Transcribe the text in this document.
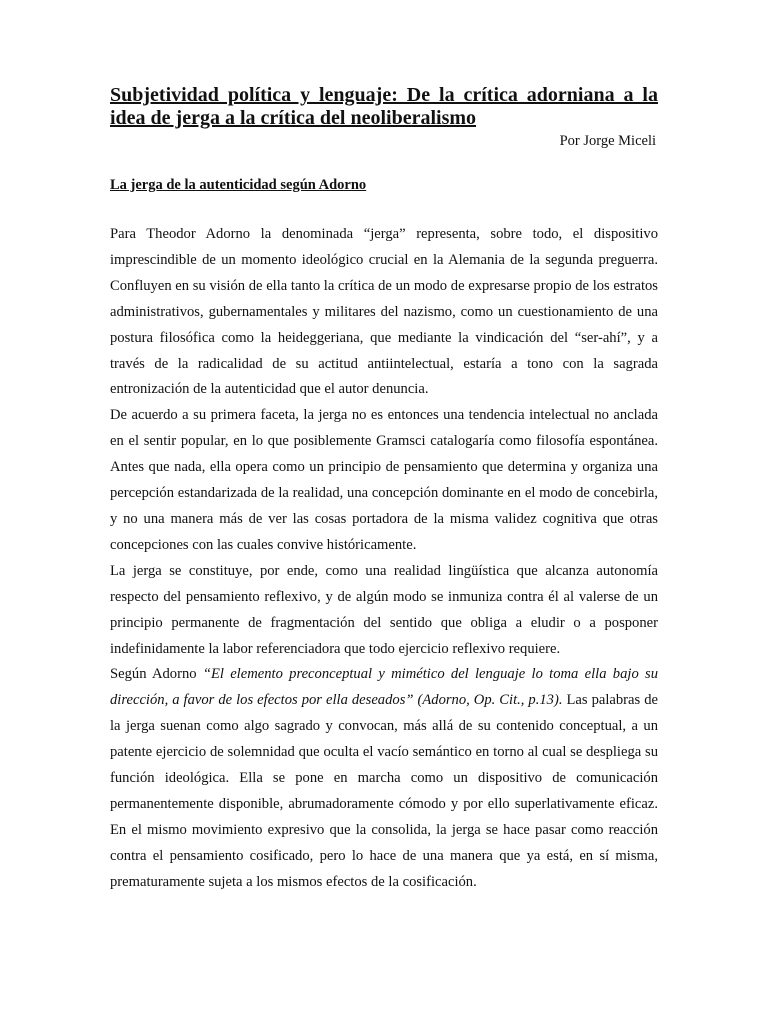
Subjetividad política y lenguaje: De la crítica adorniana a la idea de jerga a la crítica del neoliberalismo

Por Jorge Miceli

La jerga de la autenticidad según Adorno

Para Theodor Adorno la denominada “jerga” representa, sobre todo, el dispositivo imprescindible de un momento ideológico crucial en la Alemania de la segunda preguerra. Confluyen en su visión de ella tanto la crítica de un modo de expresarse propio de los estratos administrativos, gubernamentales y militares del nazismo, como un cuestionamiento de una postura filosófica como la heideggeriana, que mediante la vindicación del “ser-ahí”, y a través de la radicalidad de su actitud antiintelectual, estaría a tono con la sagrada entronización de la autenticidad que el autor denuncia.

De acuerdo a su primera faceta, la jerga no es entonces una tendencia intelectual no anclada en el sentir popular, en lo que posiblemente Gramsci catalogaría como filosofía espontánea. Antes que nada, ella opera como un principio de pensamiento que determina y organiza una percepción estandarizada de la realidad, una concepción dominante en el modo de concebirla, y no una manera más de ver las cosas portadora de la misma validez cognitiva que otras concepciones con las cuales convive históricamente.

La jerga se constituye, por ende, como una realidad lingüística que alcanza autonomía respecto del pensamiento reflexivo, y de algún modo se inmuniza contra él al valerse de un principio permanente de fragmentación del sentido que obliga a eludir o a posponer indefinidamente la labor referenciadora que todo ejercicio reflexivo requiere.

Según Adorno “El elemento preconceptual y mimético del lenguaje lo toma ella bajo su dirección, a favor de los efectos por ella deseados” (Adorno, Op. Cit., p.13). Las palabras de la jerga suenan como algo sagrado y convocan, más allá de su contenido conceptual, a un patente ejercicio de solemnidad que oculta el vacío semántico en torno al cual se despliega su función ideológica. Ella se pone en marcha como un dispositivo de comunicación permanentemente disponible, abrumadoramente cómodo y por ello superlativamente eficaz. En el mismo movimiento expresivo que la consolida, la jerga se hace pasar como reacción contra el pensamiento cosificado, pero lo hace de una manera que ya está, en sí misma, prematuramente sujeta a los mismos efectos de la cosificación.
